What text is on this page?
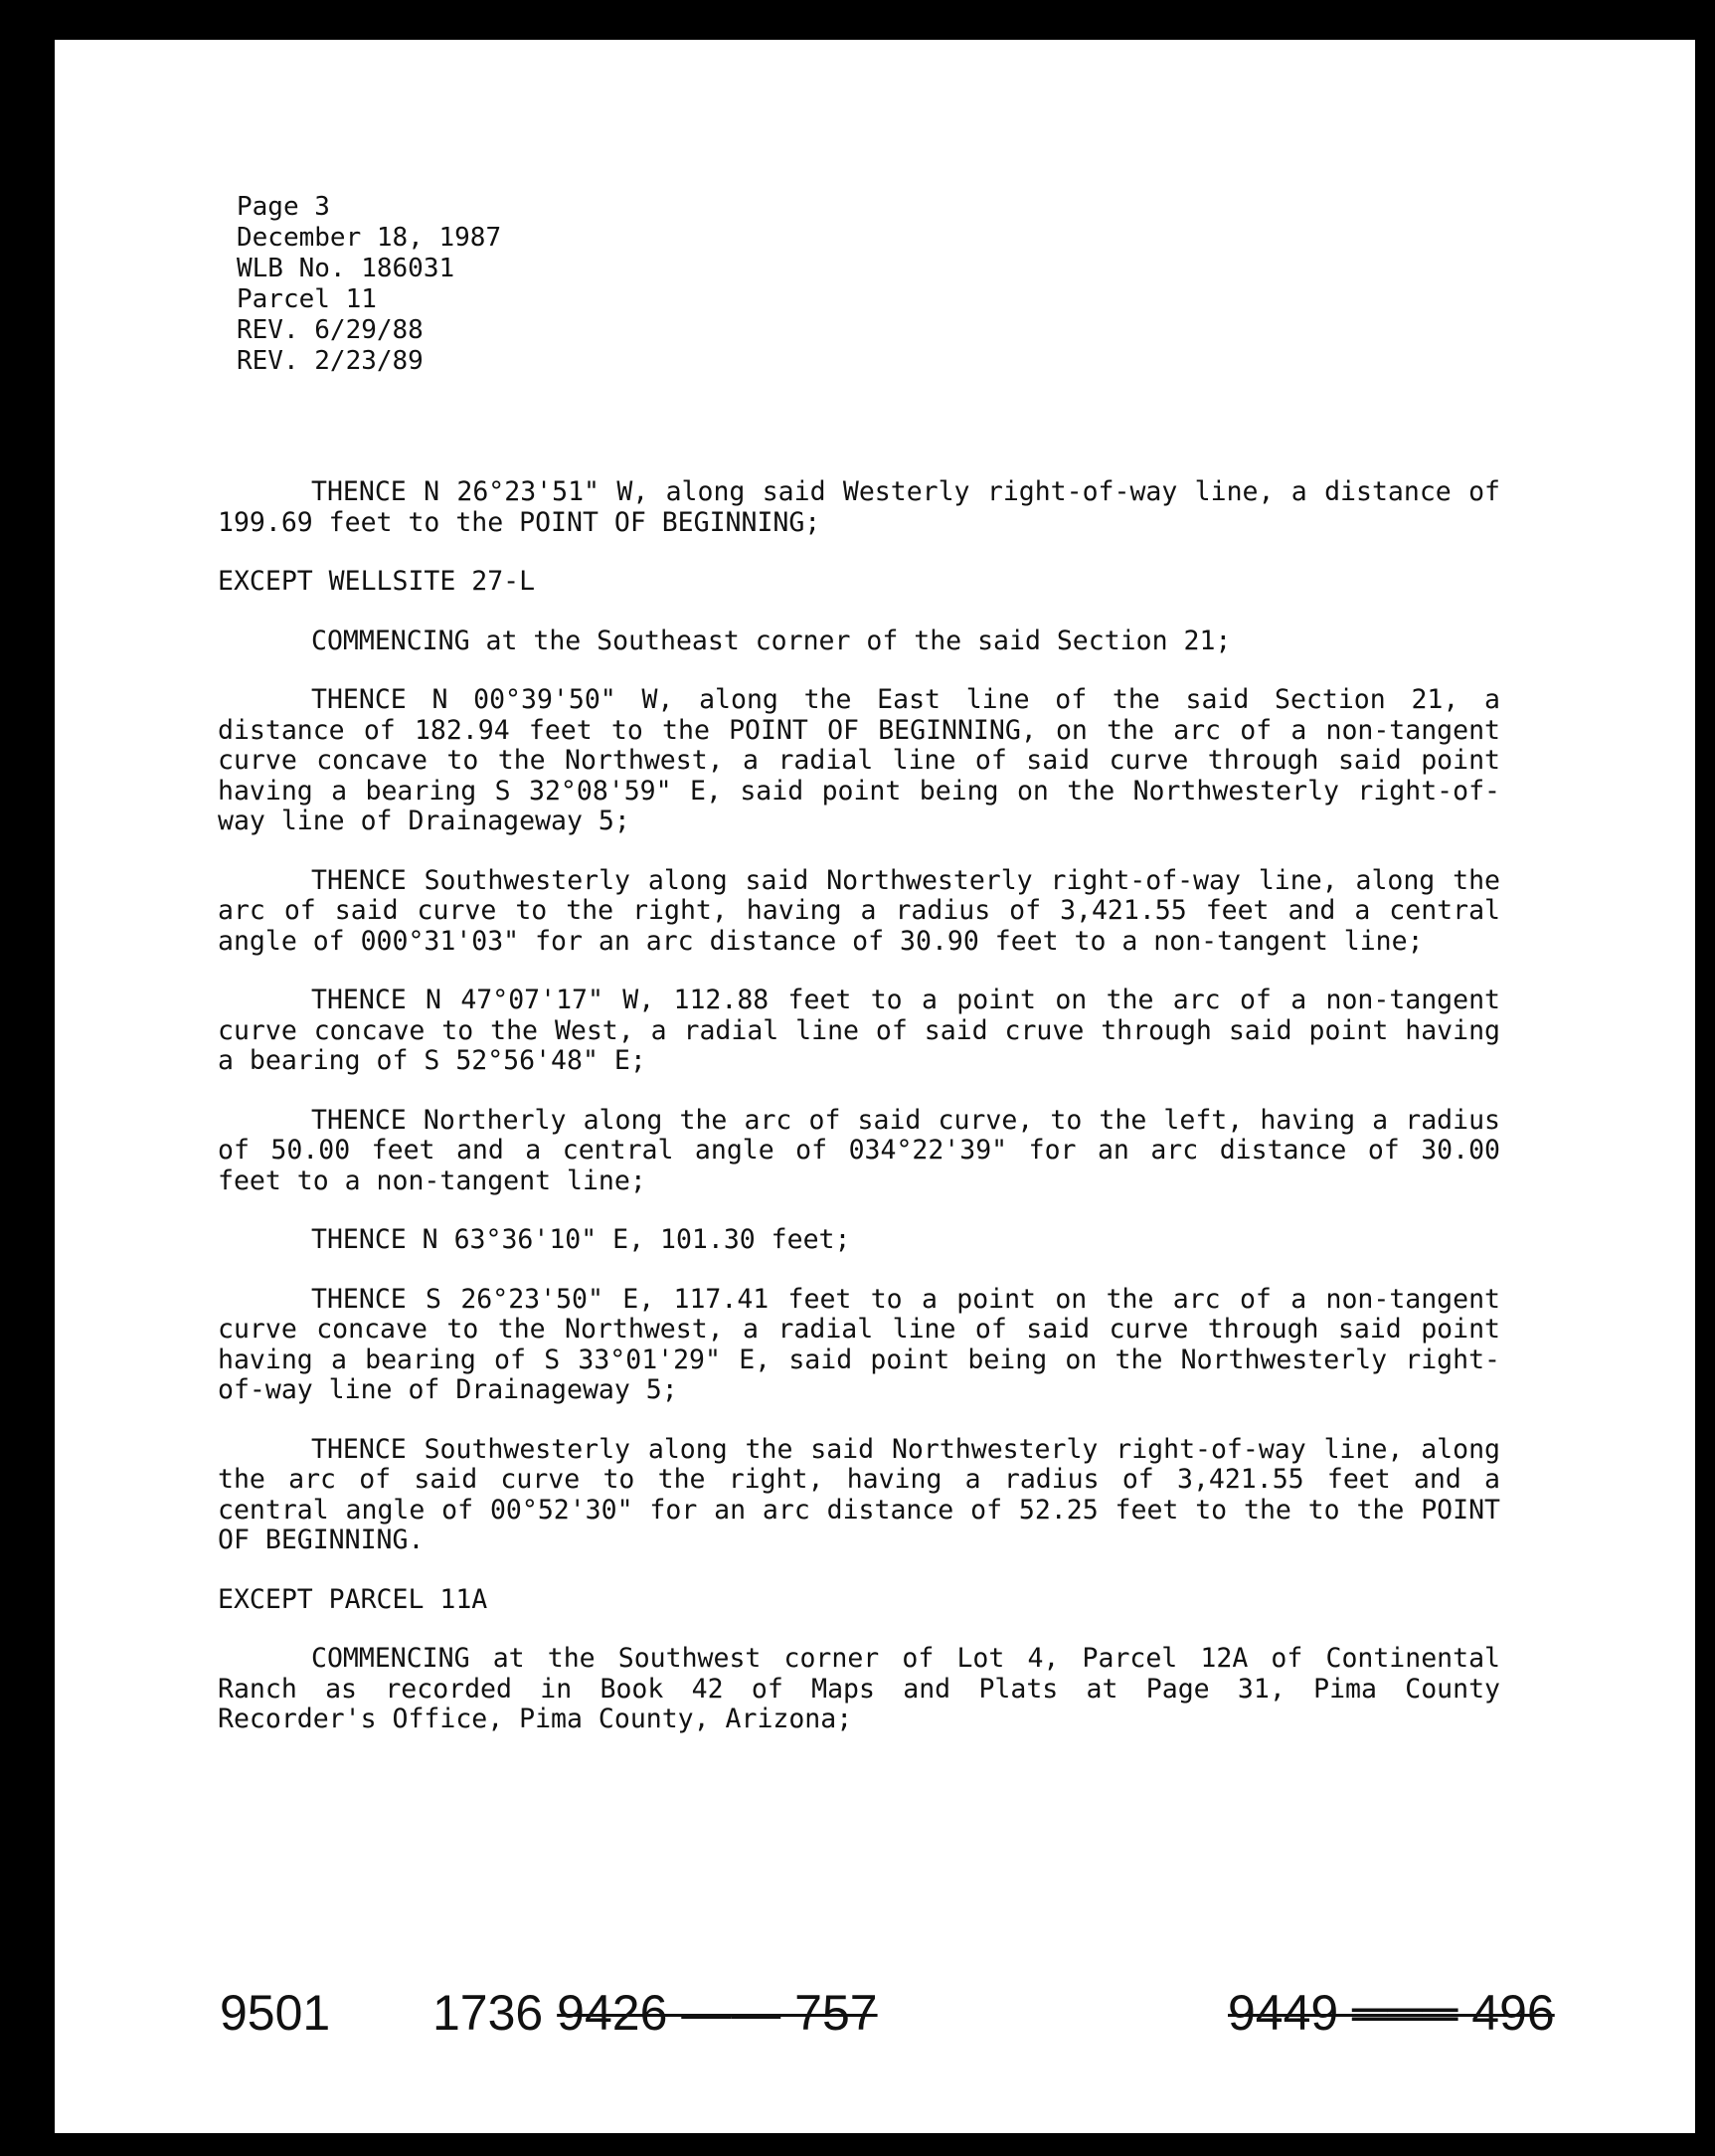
Page 3
December 18, 1987
WLB No. 186031
Parcel 11
REV. 6/29/88
REV. 2/23/89

THENCE N 26°23'51" W, along said Westerly right-of-way line, a distance of 199.69 feet to the POINT OF BEGINNING;

EXCEPT WELLSITE 27-L

COMMENCING at the Southeast corner of the said Section 21;

THENCE N 00°39'50" W, along the East line of the said Section 21, a distance of 182.94 feet to the POINT OF BEGINNING, on the arc of a non-tangent curve concave to the Northwest, a radial line of said curve through said point having a bearing S 32°08'59" E, said point being on the Northwesterly right-of-way line of Drainageway 5;

THENCE Southwesterly along said Northwesterly right-of-way line, along the arc of said curve to the right, having a radius of 3,421.55 feet and a central angle of 000°31'03" for an arc distance of 30.90 feet to a non-tangent line;

THENCE N 47°07'17" W, 112.88 feet to a point on the arc of a non-tangent curve concave to the West, a radial line of said cruve through said point having a bearing of S 52°56'48" E;

THENCE Northerly along the arc of said curve, to the left, having a radius of 50.00 feet and a central angle of 034°22'39" for an arc distance of 30.00 feet to a non-tangent line;

THENCE N 63°36'10" E, 101.30 feet;

THENCE S 26°23'50" E, 117.41 feet to a point on the arc of a non-tangent curve concave to the Northwest, a radial line of said curve through said point having a bearing of S 33°01'29" E, said point being on the Northwesterly right-of-way line of Drainageway 5;

THENCE Southwesterly along the said Northwesterly right-of-way line, along the arc of said curve to the right, having a radius of 3,421.55 feet and a central angle of 00°52'30" for an arc distance of 52.25 feet to the to the POINT OF BEGINNING.

EXCEPT PARCEL 11A

COMMENCING at the Southwest corner of Lot 4, Parcel 12A of Continental Ranch as recorded in Book 42 of Maps and Plats at Page 31, Pima County Recorder's Office, Pima County, Arizona;

9501 1736 9426 —— 757	9449 ═══ 496
